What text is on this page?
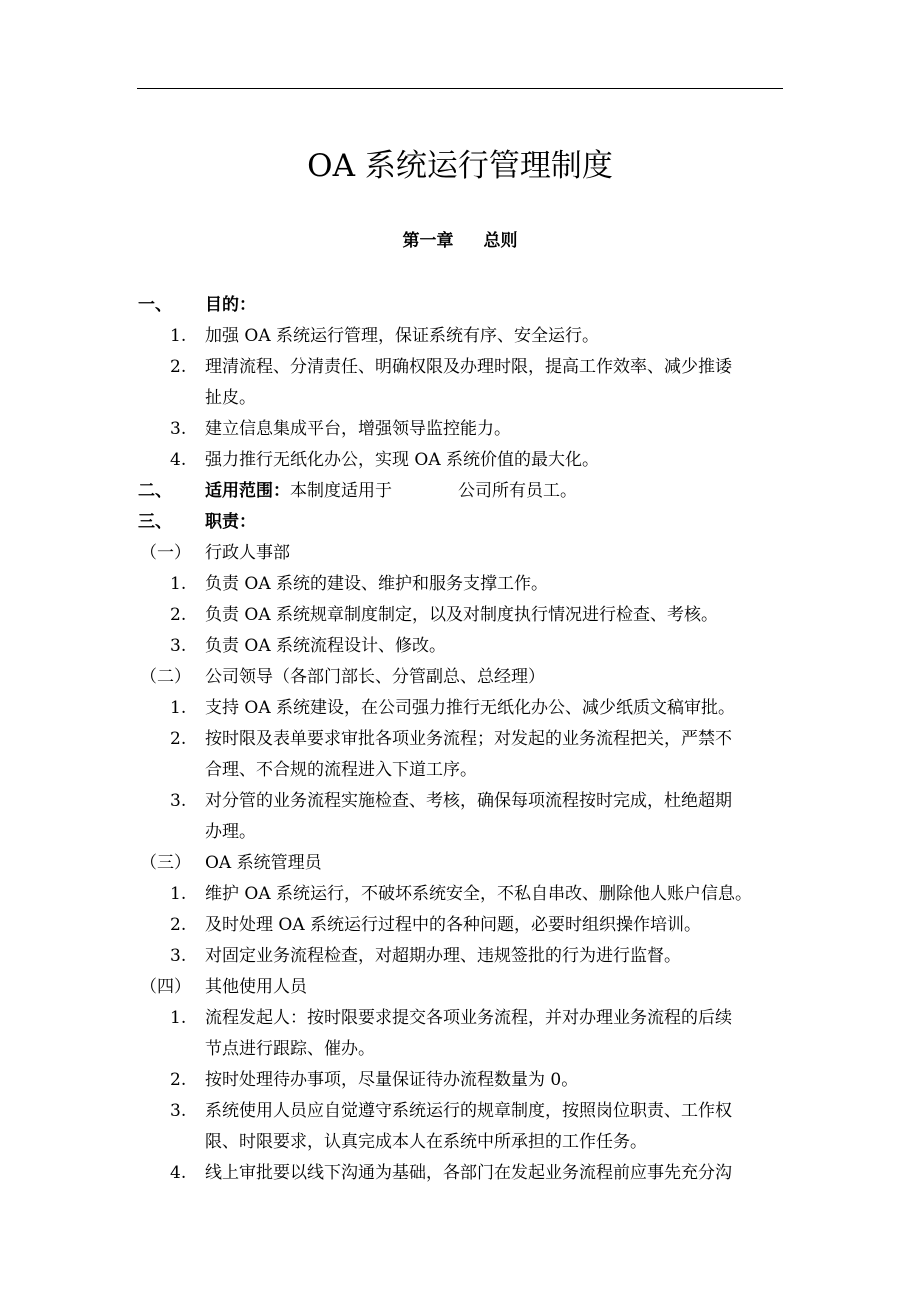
OA 系统运行管理制度
第一章 总则
一、 目的：
1. 加强 OA 系统运行管理，保证系统有序、安全运行。
2. 理清流程、分清责任、明确权限及办理时限，提高工作效率、减少推诿
扯皮。
3. 建立信息集成平台，增强领导监控能力。
4. 强力推行无纸化办公，实现 OA 系统价值的最大化。
二、 适用范围：本制度适用于	公司所有员工。
三、 职责：
（一） 行政人事部
1. 负责 OA 系统的建设、维护和服务支撑工作。
2. 负责 OA 系统规章制度制定，以及对制度执行情况进行检查、考核。
3. 负责 OA 系统流程设计、修改。
（二） 公司领导（各部门部长、分管副总、总经理）
1. 支持 OA 系统建设，在公司强力推行无纸化办公、减少纸质文稿审批。
2. 按时限及表单要求审批各项业务流程；对发起的业务流程把关，严禁不
合理、不合规的流程进入下道工序。
3. 对分管的业务流程实施检查、考核，确保每项流程按时完成，杜绝超期
办理。
（三） OA 系统管理员
1. 维护 OA 系统运行，不破坏系统安全，不私自串改、删除他人账户信息。
2. 及时处理 OA 系统运行过程中的各种问题，必要时组织操作培训。
3. 对固定业务流程检查，对超期办理、违规签批的行为进行监督。
（四） 其他使用人员
1. 流程发起人：按时限要求提交各项业务流程，并对办理业务流程的后续
节点进行跟踪、催办。
2. 按时处理待办事项，尽量保证待办流程数量为 0。
3. 系统使用人员应自觉遵守系统运行的规章制度，按照岗位职责、工作权
限、时限要求，认真完成本人在系统中所承担的工作任务。
4. 线上审批要以线下沟通为基础，各部门在发起业务流程前应事先充分沟
